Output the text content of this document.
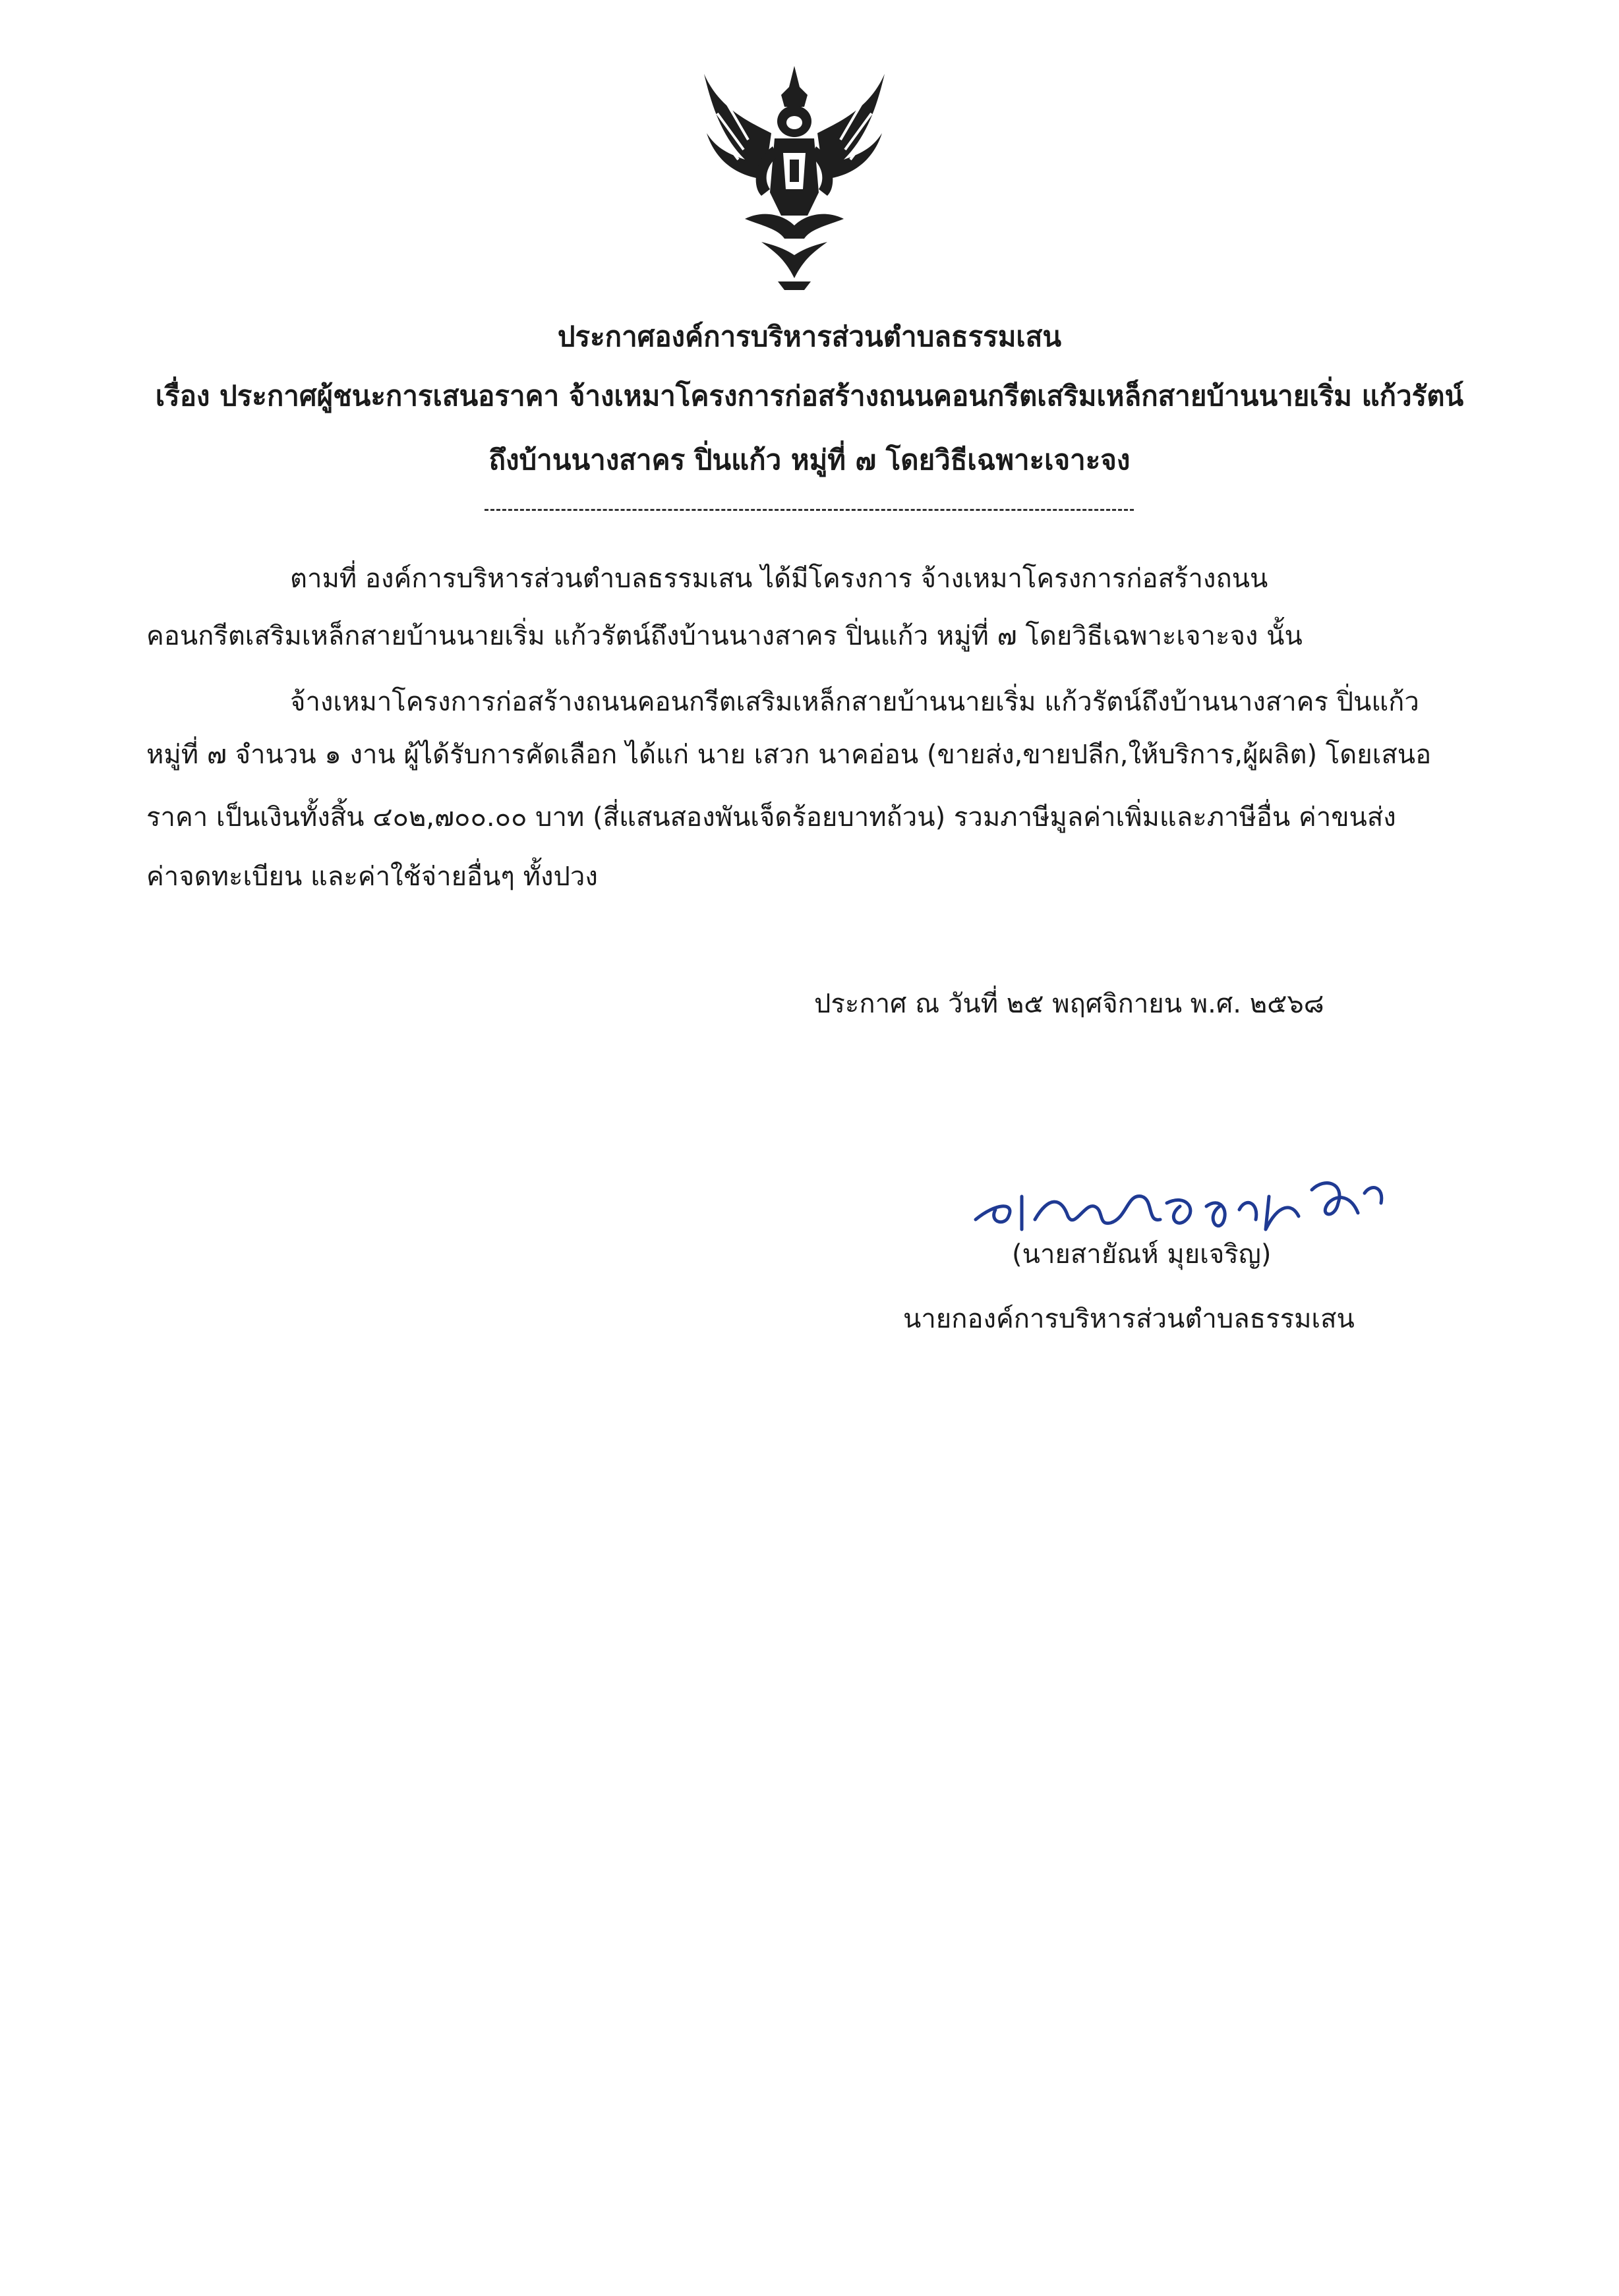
ประกาศองค์การบริหารส่วนตำบลธรรมเสน
เรื่อง ประกาศผู้ชนะการเสนอราคา จ้างเหมาโครงการก่อสร้างถนนคอนกรีตเสริมเหล็กสายบ้านนายเริ่ม แก้วรัตน์
ถึงบ้านนางสาคร ปิ่นแก้ว หมู่ที่ ๗ โดยวิธีเฉพาะเจาะจง
ตามที่ องค์การบริหารส่วนตำบลธรรมเสน ได้มีโครงการ จ้างเหมาโครงการก่อสร้างถนน
คอนกรีตเสริมเหล็กสายบ้านนายเริ่ม แก้วรัตน์ถึงบ้านนางสาคร ปิ่นแก้ว หมู่ที่ ๗ โดยวิธีเฉพาะเจาะจง นั้น
จ้างเหมาโครงการก่อสร้างถนนคอนกรีตเสริมเหล็กสายบ้านนายเริ่ม แก้วรัตน์ถึงบ้านนางสาคร ปิ่นแก้ว
หมู่ที่ ๗ จำนวน ๑ งาน ผู้ได้รับการคัดเลือก ได้แก่ นาย เสวก นาคอ่อน (ขายส่ง,ขายปลีก,ให้บริการ,ผู้ผลิต) โดยเสนอ
ราคา เป็นเงินทั้งสิ้น ๔๐๒,๗๐๐.๐๐ บาท (สี่แสนสองพันเจ็ดร้อยบาทถ้วน) รวมภาษีมูลค่าเพิ่มและภาษีอื่น ค่าขนส่ง
ค่าจดทะเบียน และค่าใช้จ่ายอื่นๆ ทั้งปวง
ประกาศ ณ วันที่ ๒๕ พฤศจิกายน พ.ศ. ๒๕๖๘
(นายสายัณห์ มุยเจริญ)
นายกองค์การบริหารส่วนตำบลธรรมเสน
